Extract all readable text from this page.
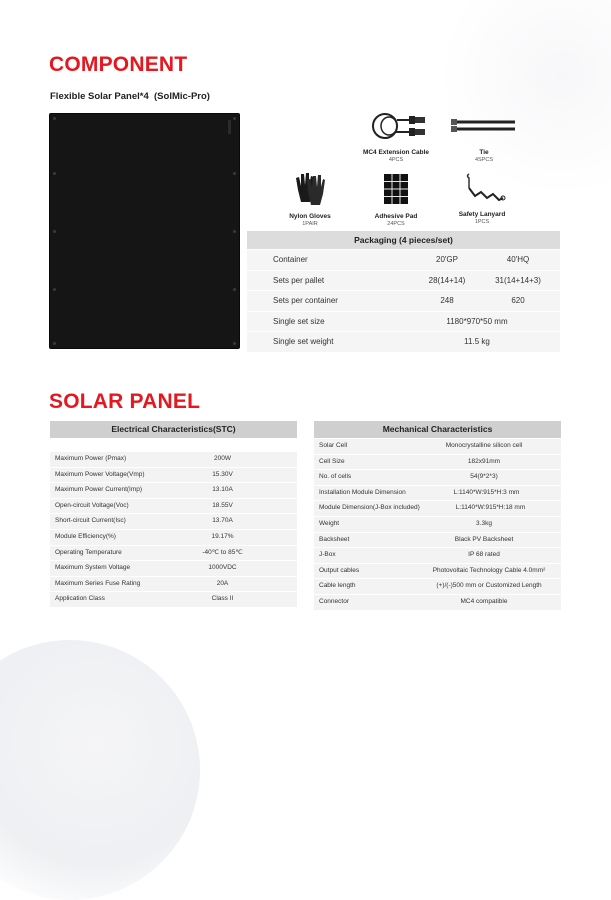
COMPONENT
Flexible Solar Panel*4  (SolMic-Pro)
MC4 Extension Cable
4PCS
Tie
4SPCS
Nylon Gloves
1PAIR
Adhesive Pad
24PCS
Safety Lanyard
1PCS
Packaging (4 pieces/set)
Container	20'GP	40'HQ
Sets per pallet	28(14+14)	31(14+14+3)
Sets per container	248	620
Single set size	1180*970*50 mm
Single set weight	11.5 kg
SOLAR PANEL
Electrical Characteristics(STC)
Maximum Power (Pmax)	200W
Maximum Power Voltage(Vmp)	15.30V
Maximum Power Current(Imp)	13.10A
Open-circuit Voltage(Voc)	18.55V
Short-circuit Current(Isc)	13.70A
Module Efficiency(%)	19.17%
Operating Temperature	-40℃ to 85℃
Maximum System Voltage	1000VDC
Maximum Series Fuse Rating	20A
Application Class	Class II
Mechanical Characteristics
Solar Cell	Monocrystalline silicon cell
Cell Size	182x91mm
No. of cells	54(9*2*3)
Installation Module Dimension	L:1140*W:915*H:3 mm
Module Dimension(J-Box included)	L:1140*W:915*H:18 mm
Weight	3.3kg
Backsheet	Black PV Backsheet
J-Box	IP 68 rated
Output cables	Photovoltaic Technology Cable 4.0mm²
Cable length	(+)/(-)500 mm or Customized Length
Connector	MC4 compatible
